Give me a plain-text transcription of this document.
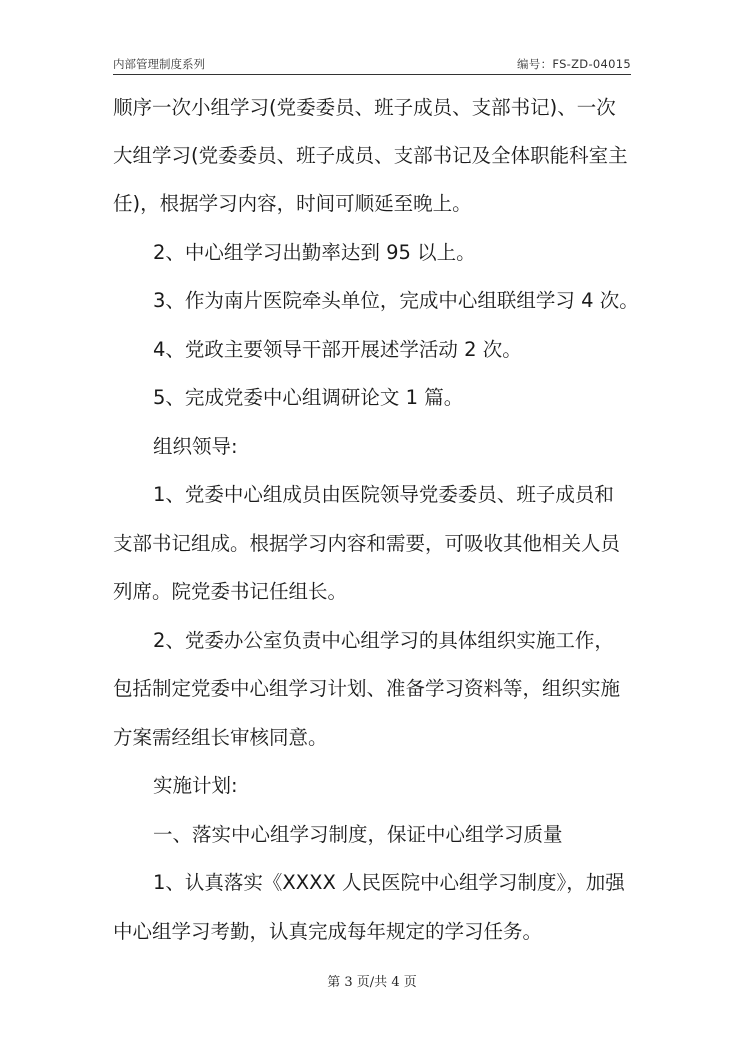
内部管理制度系列	编号：FS-ZD-04015
顺序一次小组学习(党委委员、班子成员、支部书记)、一次
大组学习(党委委员、班子成员、支部书记及全体职能科室主
任)，根据学习内容，时间可顺延至晚上。
2、中心组学习出勤率达到 95 以上。
3、作为南片医院牵头单位，完成中心组联组学习 4 次。
4、党政主要领导干部开展述学活动 2 次。
5、完成党委中心组调研论文 1 篇。
组织领导:
1、党委中心组成员由医院领导党委委员、班子成员和
支部书记组成。根据学习内容和需要，可吸收其他相关人员
列席。院党委书记任组长。
2、党委办公室负责中心组学习的具体组织实施工作，
包括制定党委中心组学习计划、准备学习资料等，组织实施
方案需经组长审核同意。
实施计划:
一、落实中心组学习制度，保证中心组学习质量
1、认真落实《XXXX 人民医院中心组学习制度》，加强
中心组学习考勤，认真完成每年规定的学习任务。
第 3 页/共 4 页
